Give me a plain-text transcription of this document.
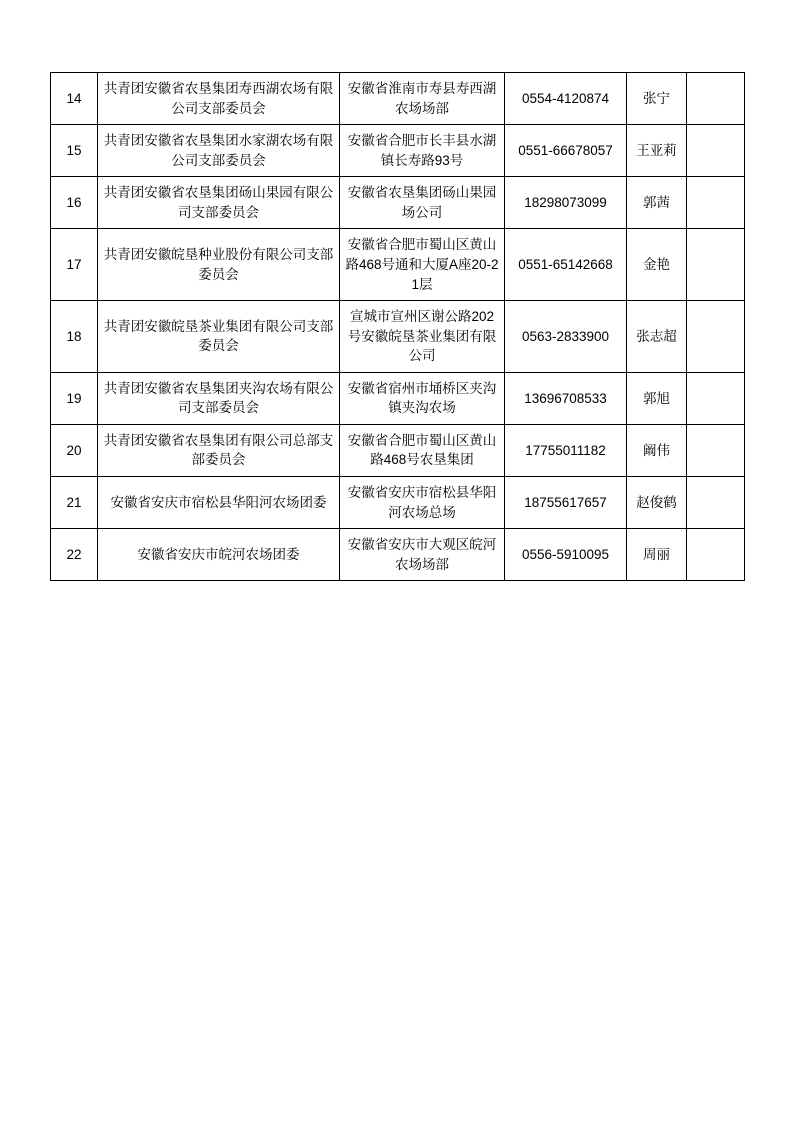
14	共青团安徽省农垦集团寿西湖农场有限公司支部委员会	安徽省淮南市寿县寿西湖农场场部	0554-4120874	张宁	
15	共青团安徽省农垦集团水家湖农场有限公司支部委员会	安徽省合肥市长丰县水湖镇长寿路93号	0551-66678057	王亚莉	
16	共青团安徽省农垦集团砀山果园有限公司支部委员会	安徽省农垦集团砀山果园场公司	18298073099	郭茜	
17	共青团安徽皖垦种业股份有限公司支部委员会	安徽省合肥市蜀山区黄山路468号通和大厦A座20-21层	0551-65142668	金艳	
18	共青团安徽皖垦茶业集团有限公司支部委员会	宣城市宣州区谢公路202号安徽皖垦茶业集团有限公司	0563-2833900	张志超	
19	共青团安徽省农垦集团夹沟农场有限公司支部委员会	安徽省宿州市埇桥区夹沟镇夹沟农场	13696708533	郭旭	
20	共青团安徽省农垦集团有限公司总部支部委员会	安徽省合肥市蜀山区黄山路468号农垦集团	17755011182	阚伟	
21	安徽省安庆市宿松县华阳河农场团委	安徽省安庆市宿松县华阳河农场总场	18755617657	赵俊鹤	
22	安徽省安庆市皖河农场团委	安徽省安庆市大观区皖河农场场部	0556-5910095	周丽	
